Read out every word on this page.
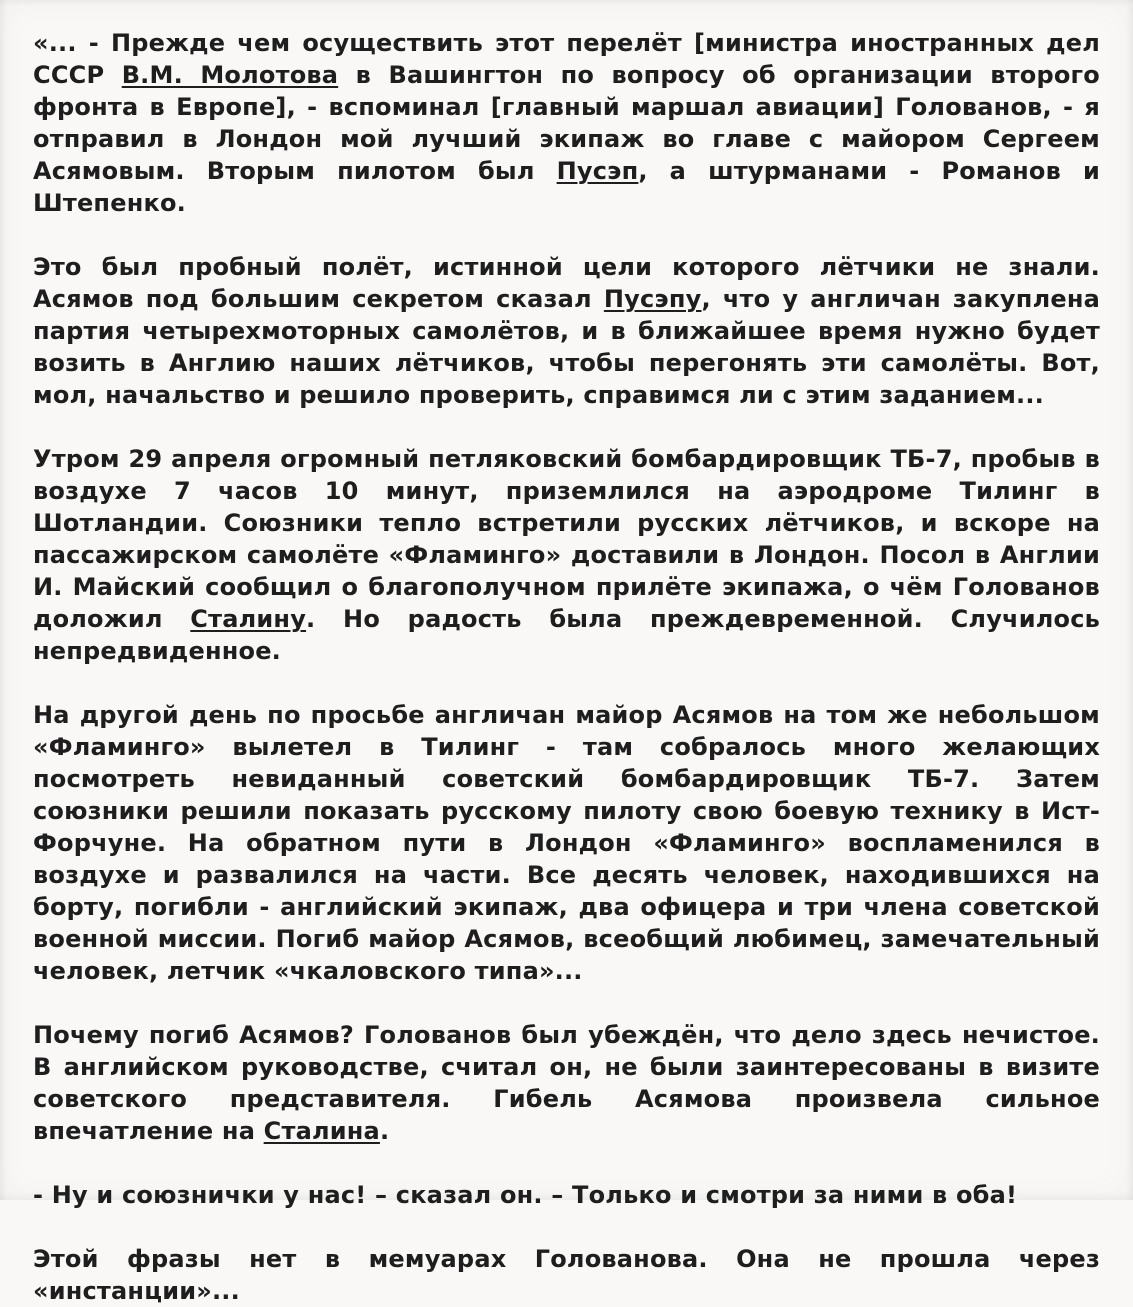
«... - Прежде чем осуществить этот перелёт [министра иностранных дел СССР В.М. Молотова в Вашингтон по вопросу об организации второго фронта в Европе], - вспоминал [главный маршал авиации] Голованов, - я отправил в Лондон мой лучший экипаж во главе с майором Сергеем Асямовым. Вторым пилотом был Пусэп, а штурманами - Романов и Штепенко.

Это был пробный полёт, истинной цели которого лётчики не знали. Асямов под большим секретом сказал Пусэпу, что у англичан закуплена партия четырехмоторных самолётов, и в ближайшее время нужно будет возить в Англию наших лётчиков, чтобы перегонять эти самолёты. Вот, мол, начальство и решило проверить, справимся ли с этим заданием...

Утром 29 апреля огромный петляковский бомбардировщик ТБ-7, пробыв в воздухе 7 часов 10 минут, приземлился на аэродроме Тилинг в Шотландии. Союзники тепло встретили русских лётчиков, и вскоре на пассажирском самолёте «Фламинго» доставили в Лондон. Посол в Англии И. Майский сообщил о благополучном прилёте экипажа, о чём Голованов доложил Сталину. Но радость была преждевременной. Случилось непредвиденное.

На другой день по просьбе англичан майор Асямов на том же небольшом «Фламинго» вылетел в Тилинг - там собралось много желающих посмотреть невиданный советский бомбардировщик ТБ-7. Затем союзники решили показать русскому пилоту свою боевую технику в Ист-Форчуне. На обратном пути в Лондон «Фламинго» воспламенился в воздухе и развалился на части. Все десять человек, находившихся на борту, погибли - английский экипаж, два офицера и три члена советской военной миссии. Погиб майор Асямов, всеобщий любимец, замечательный человек, летчик «чкаловского типа»...

Почему погиб Асямов? Голованов был убеждён, что дело здесь нечистое. В английском руководстве, считал он, не были заинтересованы в визите советского представителя. Гибель Асямова произвела сильное впечатление на Сталина.

- Ну и союзнички у нас! – сказал он. – Только и смотри за ними в оба!

Этой фразы нет в мемуарах Голованова. Она не прошла через «инстанции»...
